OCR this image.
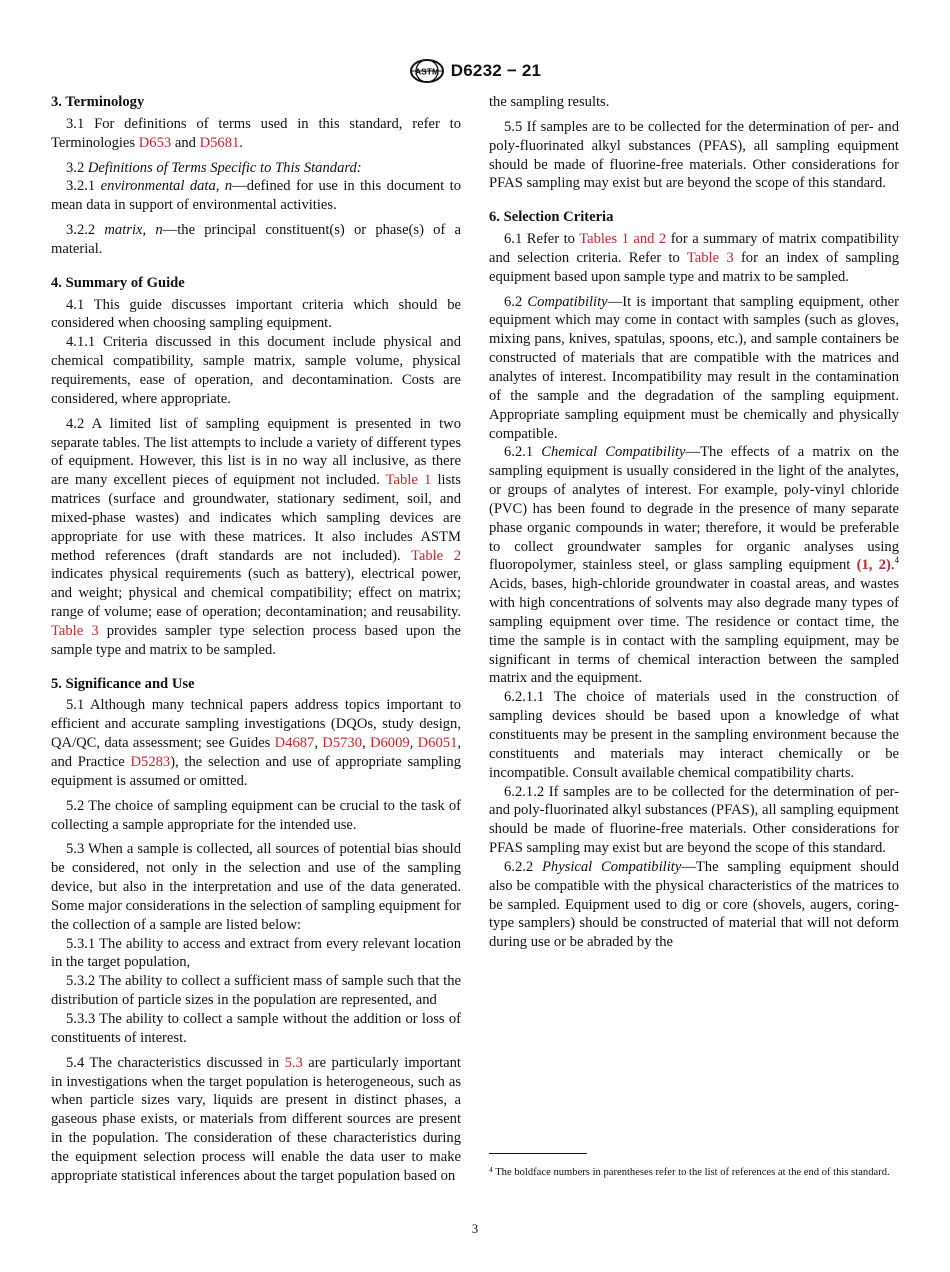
ASTM D6232 − 21
3. Terminology

3.1 For definitions of terms used in this standard, refer to Terminologies D653 and D5681.

3.2 Definitions of Terms Specific to This Standard:

3.2.1 environmental data, n—defined for use in this document to mean data in support of environmental activities.

3.2.2 matrix, n—the principal constituent(s) or phase(s) of a material.

4. Summary of Guide

4.1 This guide discusses important criteria which should be considered when choosing sampling equipment.

4.1.1 Criteria discussed in this document include physical and chemical compatibility, sample matrix, sample volume, physical requirements, ease of operation, and decontamination. Costs are considered, where appropriate.

4.2 A limited list of sampling equipment is presented in two separate tables. The list attempts to include a variety of different types of equipment. However, this list is in no way all inclusive, as there are many excellent pieces of equipment not included. Table 1 lists matrices (surface and groundwater, stationary sediment, soil, and mixed-phase wastes) and indicates which sampling devices are appropriate for use with these matrices. It also includes ASTM method references (draft standards are not included). Table 2 indicates physical requirements (such as battery), electrical power, and weight; physical and chemical compatibility; effect on matrix; range of volume; ease of operation; decontamination; and reusability. Table 3 provides sampler type selection process based upon the sample type and matrix to be sampled.

5. Significance and Use

5.1 Although many technical papers address topics important to efficient and accurate sampling investigations (DQOs, study design, QA/QC, data assessment; see Guides D4687, D5730, D6009, D6051, and Practice D5283), the selection and use of appropriate sampling equipment is assumed or omitted.

5.2 The choice of sampling equipment can be crucial to the task of collecting a sample appropriate for the intended use.

5.3 When a sample is collected, all sources of potential bias should be considered, not only in the selection and use of the sampling device, but also in the interpretation and use of the data generated. Some major considerations in the selection of sampling equipment for the collection of a sample are listed below:

5.3.1 The ability to access and extract from every relevant location in the target population,

5.3.2 The ability to collect a sufficient mass of sample such that the distribution of particle sizes in the population are represented, and

5.3.3 The ability to collect a sample without the addition or loss of constituents of interest.

5.4 The characteristics discussed in 5.3 are particularly important in investigations when the target population is heterogeneous, such as when particle sizes vary, liquids are present in distinct phases, a gaseous phase exists, or materials from different sources are present in the population. The consideration of these characteristics during the equipment selection process will enable the data user to make appropriate statistical inferences about the target population based on

the sampling results.

5.5 If samples are to be collected for the determination of per- and poly-fluorinated alkyl substances (PFAS), all sampling equipment should be made of fluorine-free materials. Other considerations for PFAS sampling may exist but are beyond the scope of this standard.

6. Selection Criteria

6.1 Refer to Tables 1 and 2 for a summary of matrix compatibility and selection criteria. Refer to Table 3 for an index of sampling equipment based upon sample type and matrix to be sampled.

6.2 Compatibility—It is important that sampling equipment, other equipment which may come in contact with samples (such as gloves, mixing pans, knives, spatulas, spoons, etc.), and sample containers be constructed of materials that are compatible with the matrices and analytes of interest. Incompatibility may result in the contamination of the sample and the degradation of the sampling equipment. Appropriate sampling equipment must be chemically and physically compatible.

6.2.1 Chemical Compatibility—The effects of a matrix on the sampling equipment is usually considered in the light of the analytes, or groups of analytes of interest. For example, poly-vinyl chloride (PVC) has been found to degrade in the presence of many separate phase organic compounds in water; therefore, it would be preferable to collect groundwater samples for organic analyses using fluoropolymer, stainless steel, or glass sampling equipment (1, 2).$^4$ Acids, bases, high-chloride groundwater in coastal areas, and wastes with high concentrations of solvents may also degrade many types of sampling equipment over time. The residence or contact time, the time the sample is in contact with the sampling equipment, may be significant in terms of chemical interaction between the sampled matrix and the equipment.

6.2.1.1 The choice of materials used in the construction of sampling devices should be based upon a knowledge of what constituents may be present in the sampling environment because the constituents and materials may interact chemically or be incompatible. Consult available chemical compatibility charts.

6.2.1.2 If samples are to be collected for the determination of per- and poly-fluorinated alkyl substances (PFAS), all sampling equipment should be made of fluorine-free materials. Other considerations for PFAS sampling may exist but are beyond the scope of this standard.

6.2.2 Physical Compatibility—The sampling equipment should also be compatible with the physical characteristics of the matrices to be sampled. Equipment used to dig or core (shovels, augers, coring-type samplers) should be constructed of material that will not deform during use or be abraded by the

$^4$ The boldface numbers in parentheses refer to the list of references at the end of this standard.
3
